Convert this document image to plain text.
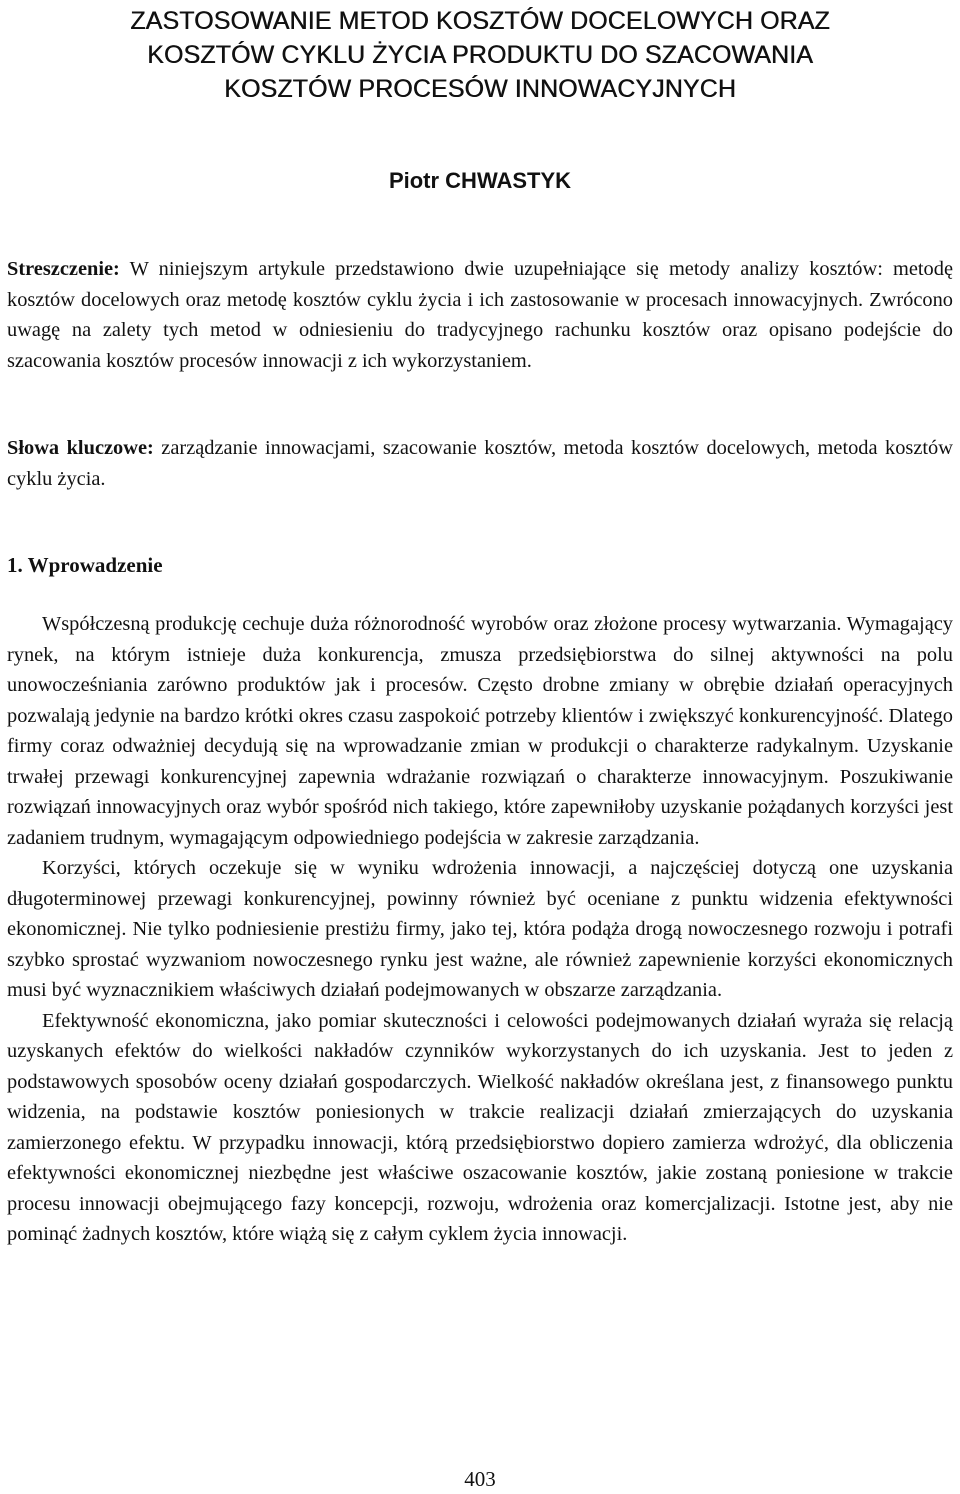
ZASTOSOWANIE METOD KOSZTÓW DOCELOWYCH ORAZ
KOSZTÓW CYKLU ŻYCIA PRODUKTU DO SZACOWANIA
KOSZTÓW PROCESÓW INNOWACYJNYCH
Piotr CHWASTYK

Streszczenie: W niniejszym artykule przedstawiono dwie uzupełniające się metody analizy kosztów: metodę kosztów docelowych oraz metodę kosztów cyklu życia i ich zastosowanie w procesach innowacyjnych. Zwrócono uwagę na zalety tych metod w odniesieniu do tradycyjnego rachunku kosztów oraz opisano podejście do szacowania kosztów procesów innowacji z ich wykorzystaniem.

Słowa kluczowe: zarządzanie innowacjami, szacowanie kosztów, metoda kosztów docelowych, metoda kosztów cyklu życia.

1. Wprowadzenie

Współczesną produkcję cechuje duża różnorodność wyrobów oraz złożone procesy wytwarzania. Wymagający rynek, na którym istnieje duża konkurencja, zmusza przedsiębiorstwa do silnej aktywności na polu unowocześniania zarówno produktów jak i procesów. Często drobne zmiany w obrębie działań operacyjnych pozwalają jedynie na bardzo krótki okres czasu zaspokoić potrzeby klientów i zwiększyć konkurencyjność. Dlatego firmy coraz odważniej decydują się na wprowadzanie zmian w produkcji o charakterze radykalnym. Uzyskanie trwałej przewagi konkurencyjnej zapewnia wdrażanie rozwiązań o charakterze innowacyjnym. Poszukiwanie rozwiązań innowacyjnych oraz wybór spośród nich takiego, które zapewniłoby uzyskanie pożądanych korzyści jest zadaniem trudnym, wymagającym odpowiedniego podejścia w zakresie zarządzania.

Korzyści, których oczekuje się w wyniku wdrożenia innowacji, a najczęściej dotyczą one uzyskania długoterminowej przewagi konkurencyjnej, powinny również być oceniane z punktu widzenia efektywności ekonomicznej. Nie tylko podniesienie prestiżu firmy, jako tej, która podąża drogą nowoczesnego rozwoju i potrafi szybko sprostać wyzwaniom nowoczesnego rynku jest ważne, ale również zapewnienie korzyści ekonomicznych musi być wyznacznikiem właściwych działań podejmowanych w obszarze zarządzania.

Efektywność ekonomiczna, jako pomiar skuteczności i celowości podejmowanych działań wyraża się relacją uzyskanych efektów do wielkości nakładów czynników wykorzystanych do ich uzyskania. Jest to jeden z podstawowych sposobów oceny działań gospodarczych. Wielkość nakładów określana jest, z finansowego punktu widzenia, na podstawie kosztów poniesionych w trakcie realizacji działań zmierzających do uzyskania zamierzonego efektu. W przypadku innowacji, którą przedsiębiorstwo dopiero zamierza wdrożyć, dla obliczenia efektywności ekonomicznej niezbędne jest właściwe oszacowanie kosztów, jakie zostaną poniesione w trakcie procesu innowacji obejmującego fazy koncepcji, rozwoju, wdrożenia oraz komercjalizacji. Istotne jest, aby nie pominąć żadnych kosztów, które wiążą się z całym cyklem życia innowacji.

403
